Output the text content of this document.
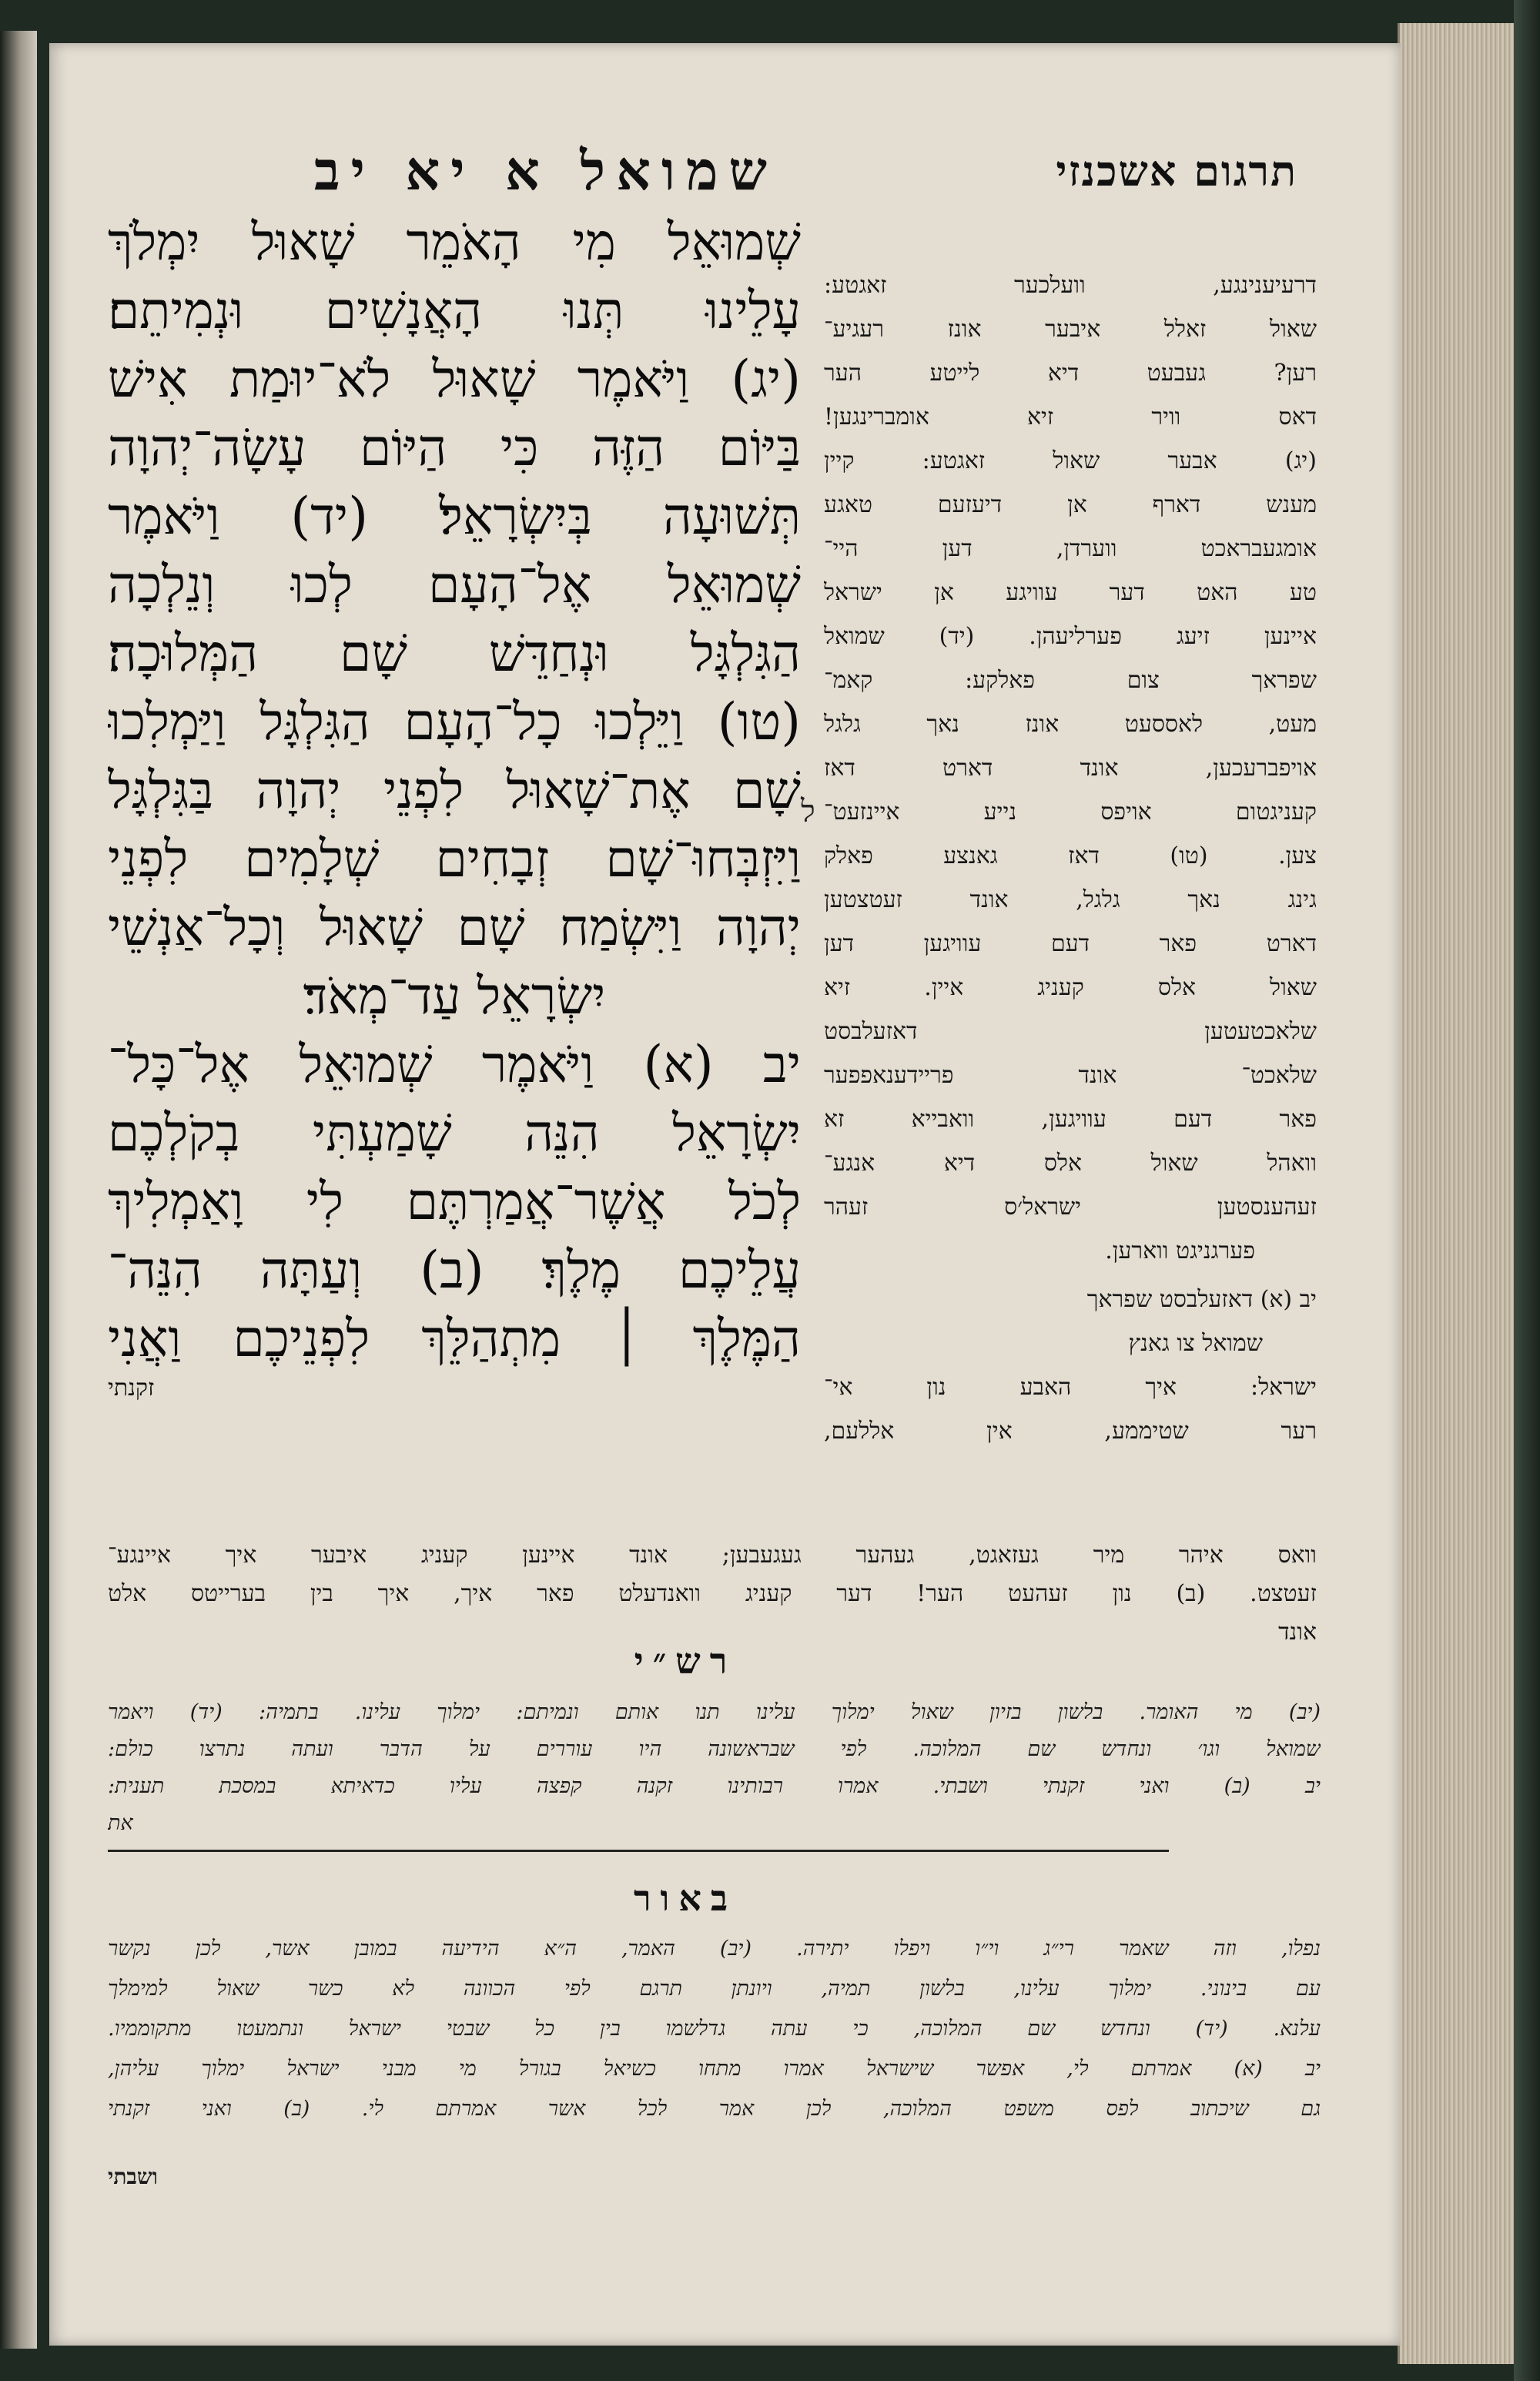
תרגום אשכנזי
שמואל א יא יב
שְׁמוּאֵל מִי הָאֹמֵר שָׁאוּל יִמְלֹךְ
עָלֵינוּ תְּנוּ הָאֲנָשִׁים וּנְמִיתֵם׃
(יג) וַיֹּאמֶר שָׁאוּל לֹא־יוּמַת אִישׁ
בַּיּוֹם הַזֶּה כִּי הַיּוֹם עָשָׂה־יְהוָה
תְּשׁוּעָה בְּיִשְׂרָאֵל׃ (יד) וַיֹּאמֶר
שְׁמוּאֵל אֶל־הָעָם לְכוּ וְנֵלְכָה
הַגִּלְגָּל וּנְחַדֵּשׁ שָׁם הַמְּלוּכָה׃
(טו) וַיֵּלְכוּ כָל־הָעָם הַגִּלְגָּל וַיַּמְלִכוּ
שָׁם אֶת־שָׁאוּל לִפְנֵי יְהוָה בַּגִּלְגָּל
וַיִּזְבְּחוּ־שָׁם זְבָחִים שְׁלָמִים לִפְנֵי
יְהוָה וַיִּשְׂמַח שָׁם שָׁאוּל וְכָל־אַנְשֵׁי
יִשְׂרָאֵל עַד־מְאֹד׃
יב (א) וַיֹּאמֶר שְׁמוּאֵל אֶל־כָּל־
יִשְׂרָאֵל הִנֵּה שָׁמַעְתִּי בְקֹלְכֶם
לְכֹל אֲשֶׁר־אֲמַרְתֶּם לִי וָאַמְלִיךְ
עֲלֵיכֶם מֶלֶךְ׃ (ב) וְעַתָּה הִנֵּה־
הַמֶּלֶךְ ׀ מִתְהַלֵּךְ לִפְנֵיכֶם וַאֲנִי
זקנתי
ל
דרעיענינגע, וועלכער זאגטע:
שאול זאלל איבער אונז רעגיע־
רען? געבעט דיא לייטע הער
דאס וויר זיא אומברינגען!
(יג) אבער שאול זאגטע: קיין
מענש דארף אן דיעזעם טאגע
אומגעבראכט ווערדן, דען היי־
טע האט דער עוויגע אן ישראל
איינען זיעג פערליעהן. (יד) שמואל
שפראך צום פאלקע: קאמ־
מעט, לאססעט אונז נאך גלגל
אויפברעכען, אונד דארט דאז
קעניגטום אויפס נייע איינזעט־
צען. (טו) דאז גאנצע פאלק
גינג נאך גלגל, אונד זעטצטען
דארט פאר דעם עוויגען דען
שאול אלס קעניג איין. זיא
שלאכטעטען דאזעלבסט
שלאכט־ אונד פריידענאפפער
פאר דעם עוויגען, וואבייא זא
וואהל שאול אלס דיא אנגע־
זעהענסטען ישראל׳ס זעהר
פערגניגט ווארען.
יב (א) דאזעלבסט שפראך
שמואל צו גאנץ
ישראל: איך האבע נון אי־
רער שטיממע, אין אללעם,
וואס איהר מיר געזאגט, געהער געגעבען; אונד איינען קעניג איבער איך איינגע־
זעטצט. (ב) נון זעהעט הער! דער קעניג וואנדעלט פאר איך, איך בין בערייטס אלט
אונד
רש״י
(יב) מי האומר. בלשון בזיון שאול ימלוך עלינו תנו אותם ונמיתם: ימלוך עלינו. בתמיה: (יד) ויאמר
שמואל וגו׳ ונחדש שם המלוכה. לפי שבראשונה היו עוררים על הדבר ועתה נתרצו כולם:
יב (ב) ואני זקנתי ושבתי. אמרו רבותינו זקנה קפצה עליו כדאיתא במסכת תענית:
את
באור
נפלו, וזה שאמר רי״ג וי״ו ויפלו יתירה. (יב) האמר, ה״א הידיעה במובן אשר, לכן נקשר
עם בינוני. ימלוך עלינו, בלשון תמיה, ויונתן תרגם לפי הכוונה לא כשר שאול למימלך
עלנא. (יד) ונחדש שם המלוכה, כי עתה גדלשמו בין כל שבטי ישראל ונתמעטו מתקוממיו.
יב (א) אמרתם לי, אפשר שישראל אמרו מתחו כשיאל בגורל מי מבני ישראל ימלוך עליהן,
גם שיכתוב לפס משפט המלוכה, לכן אמר לכל אשר אמרתם לי. (ב) ואני זקנתי
ושבתי
